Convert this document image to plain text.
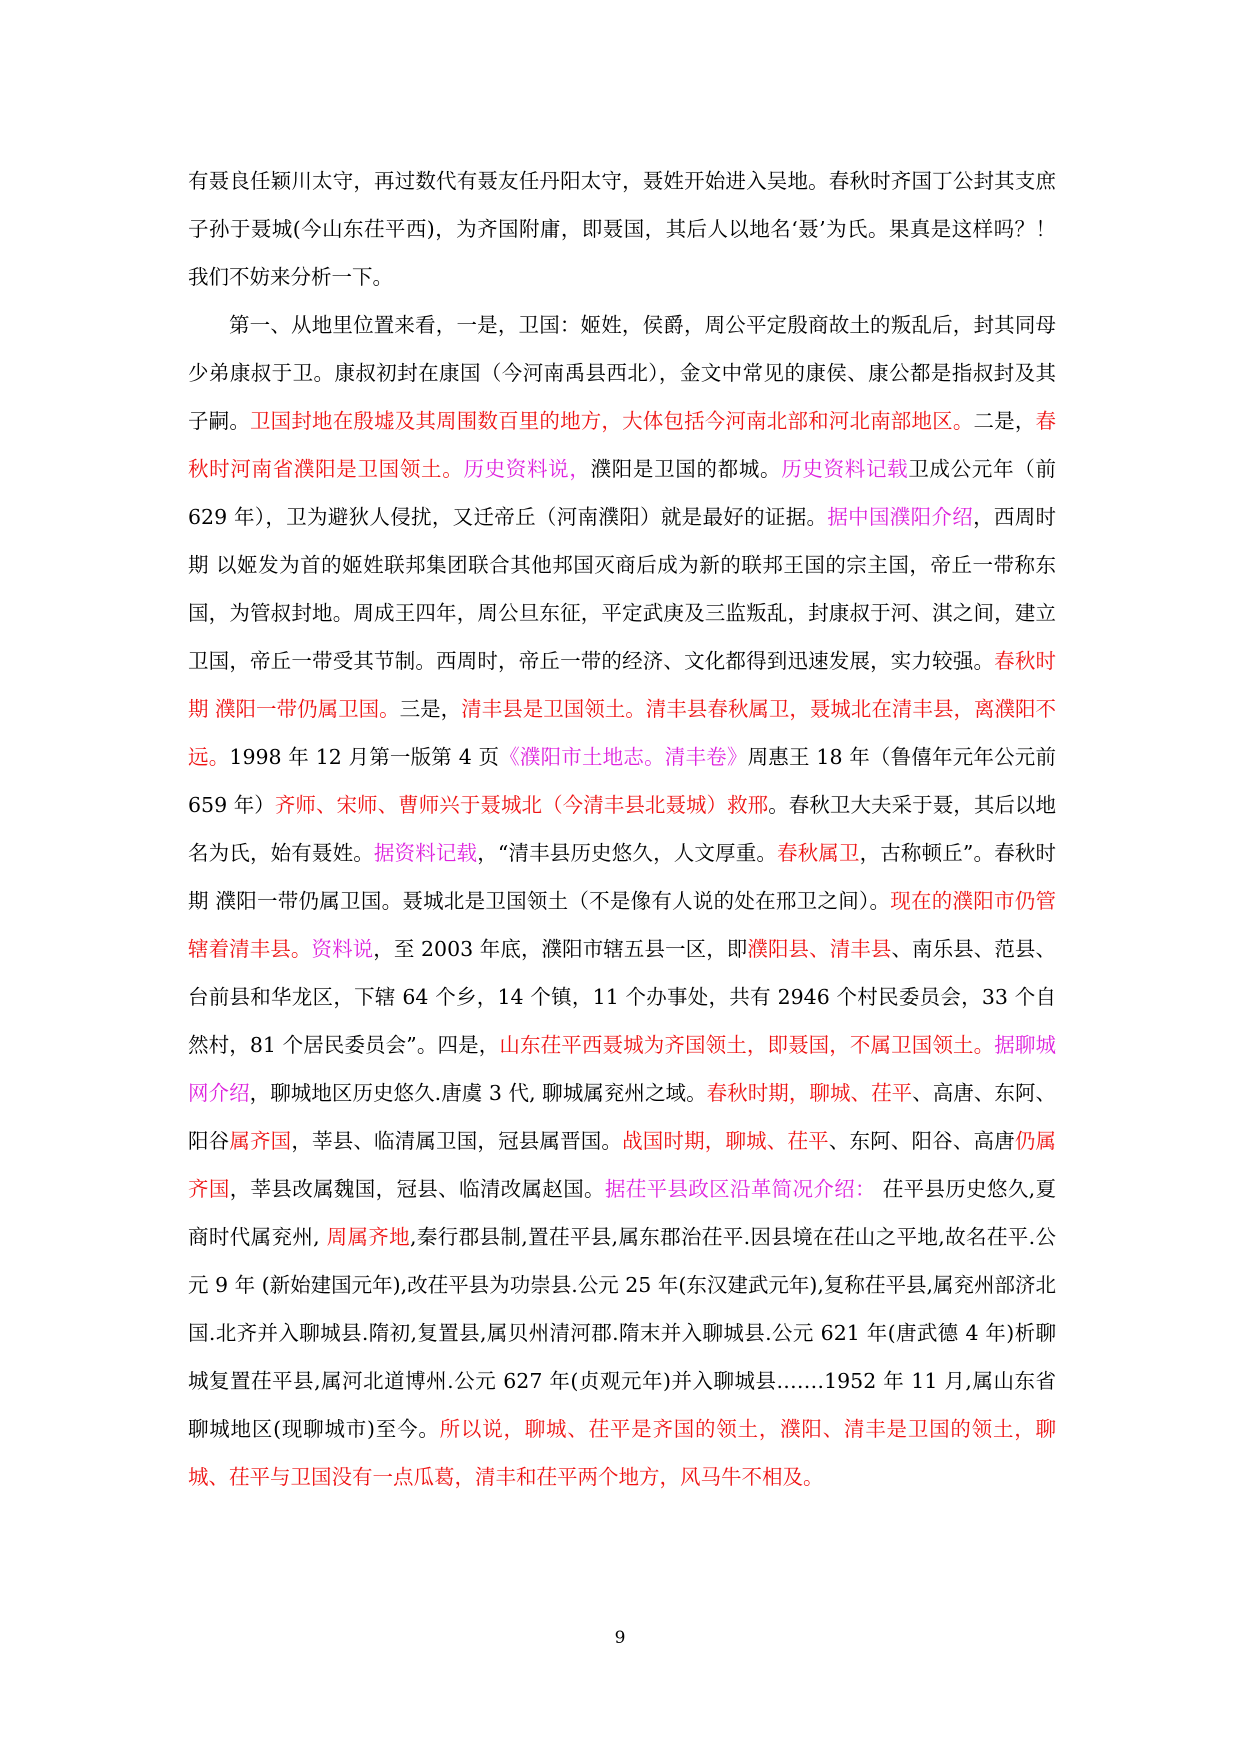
有聂良任颖川太守，再过数代有聂友任丹阳太守，聂姓开始进入吴地。春秋时齐国丁公封其支庶子孙于聂城(今山东茌平西)，为齐国附庸，即聂国，其后人以地名‘聂’为氏。果真是这样吗？！我们不妨来分析一下。

第一、从地里位置来看，一是，卫国：姬姓，侯爵，周公平定殷商故土的叛乱后，封其同母少弟康叔于卫。康叔初封在康国（今河南禹县西北），金文中常见的康侯、康公都是指叔封及其子嗣。卫国封地在殷墟及其周围数百里的地方，大体包括今河南北部和河北南部地区。二是，春秋时河南省濮阳是卫国领土。历史资料说，濮阳是卫国的都城。历史资料记载卫成公元年（前 629 年），卫为避狄人侵扰，又迁帝丘（河南濮阳）就是最好的证据。据中国濮阳介绍，西周时期 以姬发为首的姬姓联邦集团联合其他邦国灭商后成为新的联邦王国的宗主国，帝丘一带称东国，为管叔封地。周成王四年，周公旦东征，平定武庚及三监叛乱，封康叔于河、淇之间，建立卫国，帝丘一带受其节制。西周时，帝丘一带的经济、文化都得到迅速发展，实力较强。春秋时期 濮阳一带仍属卫国。三是，清丰县是卫国领土。清丰县春秋属卫，聂城北在清丰县，离濮阳不远。1998 年 12 月第一版第 4 页《濮阳市土地志。清丰卷》周惠王 18 年（鲁僖年元年公元前 659 年）齐师、宋师、曹师兴于聂城北（今清丰县北聂城）救邢。春秋卫大夫采于聂，其后以地名为氏，始有聂姓。据资料记载，“清丰县历史悠久，人文厚重。春秋属卫，古称顿丘”。春秋时期 濮阳一带仍属卫国。聂城北是卫国领土（不是像有人说的处在邢卫之间）。现在的濮阳市仍管辖着清丰县。资料说，至 2003 年底，濮阳市辖五县一区，即濮阳县、清丰县、南乐县、范县、台前县和华龙区，下辖 64 个乡，14 个镇，11 个办事处，共有 2946 个村民委员会，33 个自然村，81 个居民委员会”。四是，山东茌平西聂城为齐国领土，即聂国，不属卫国领土。据聊城网介绍，聊城地区历史悠久.唐虞 3 代, 聊城属兖州之域。春秋时期，聊城、茌平、高唐、东阿、阳谷属齐国，莘县、临清属卫国，冠县属晋国。战国时期，聊城、茌平、东阿、阳谷、高唐仍属齐国，莘县改属魏国，冠县、临清改属赵国。据茌平县政区沿革简况介绍： 茌平县历史悠久,夏商时代属兖州, 周属齐地,秦行郡县制,置茌平县,属东郡治茌平.因县境在茌山之平地,故名茌平.公元 9 年 (新始建国元年),改茌平县为功崇县.公元 25 年(东汉建武元年),复称茌平县,属兖州部济北国.北齐并入聊城县.隋初,复置县,属贝州清河郡.隋末并入聊城县.公元 621 年(唐武德 4 年)析聊城复置茌平县,属河北道博州.公元 627 年(贞观元年)并入聊城县.……1952 年 11 月,属山东省聊城地区(现聊城市)至今。所以说，聊城、茌平是齐国的领土，濮阳、清丰是卫国的领土，聊城、茌平与卫国没有一点瓜葛，清丰和茌平两个地方，风马牛不相及。

9
